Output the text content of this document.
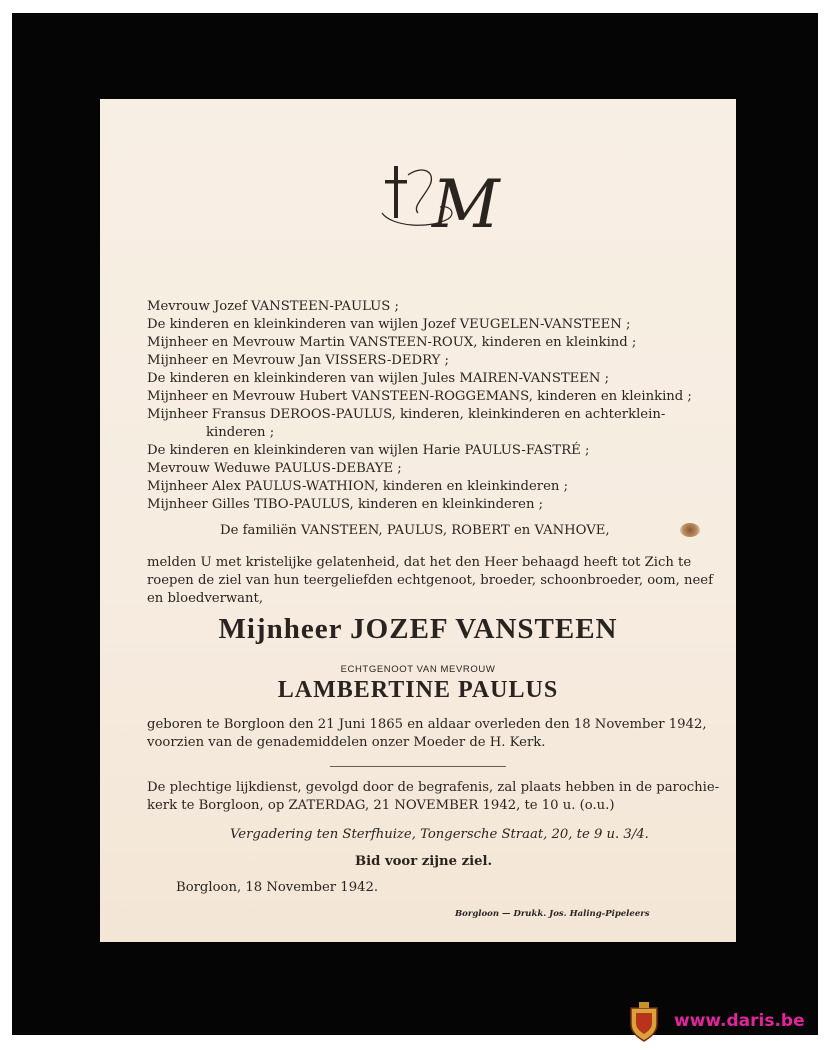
M
Mevrouw Jozef VANSTEEN-PAULUS ;
De kinderen en kleinkinderen van wijlen Jozef VEUGELEN-VANSTEEN ;
Mijnheer en Mevrouw Martin VANSTEEN-ROUX, kinderen en kleinkind ;
Mijnheer en Mevrouw Jan VISSERS-DEDRY ;
De kinderen en kleinkinderen van wijlen Jules MAIREN-VANSTEEN ;
Mijnheer en Mevrouw Hubert VANSTEEN-ROGGEMANS, kinderen en kleinkind ;
Mijnheer Fransus DEROOS-PAULUS, kinderen, kleinkinderen en achterklein-
kinderen ;
De kinderen en kleinkinderen van wijlen Harie PAULUS-FASTRÉ ;
Mevrouw Weduwe PAULUS-DEBAYE ;
Mijnheer Alex PAULUS-WATHION, kinderen en kleinkinderen ;
Mijnheer Gilles TIBO-PAULUS, kinderen en kleinkinderen ;
De familiën VANSTEEN, PAULUS, ROBERT en VANHOVE,
melden U met kristelijke gelatenheid, dat het den Heer behaagd heeft tot Zich te
roepen de ziel van hun teergeliefden echtgenoot, broeder, schoonbroeder, oom, neef
en bloedverwant,
Mijnheer JOZEF VANSTEEN
ECHTGENOOT VAN MEVROUW
LAMBERTINE PAULUS
geboren te Borgloon den 21 Juni 1865 en aldaar overleden den 18 November 1942,
voorzien van de genademiddelen onzer Moeder de H. Kerk.
De plechtige lijkdienst, gevolgd door de begrafenis, zal plaats hebben in de parochie-
kerk te Borgloon, op ZATERDAG, 21 NOVEMBER 1942, te 10 u. (o.u.)
Vergadering ten Sterfhuize, Tongersche Straat, 20, te 9 u. 3/4.
Bid voor zijne ziel.
Borgloon, 18 November 1942.
Borgloon — Drukk. Jos. Haling-Pipeleers
www.daris.be
